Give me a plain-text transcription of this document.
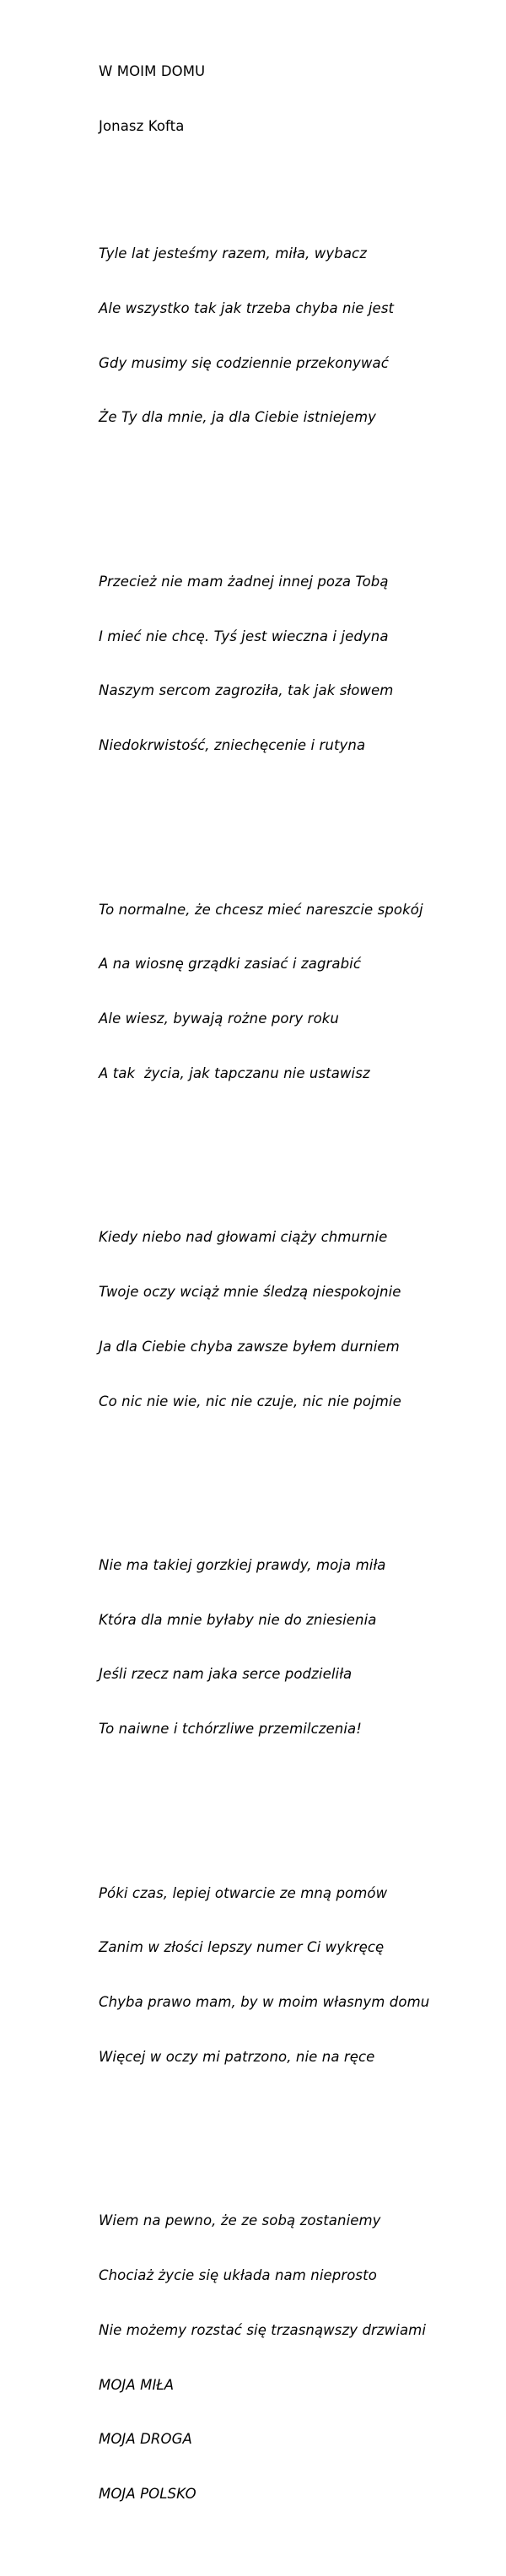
W MOIM DOMU

Jonasz Kofta

Tyle lat jesteśmy razem, miła, wybacz

Ale wszystko tak jak trzeba chyba nie jest

Gdy musimy się codziennie przekonywać

Że Ty dla mnie, ja dla Ciebie istniejemy

Przecież nie mam żadnej innej poza Tobą

I mieć nie chcę. Tyś jest wieczna i jedyna

Naszym sercom zagroziła, tak jak słowem

Niedokrwistość, zniechęcenie i rutyna

To normalne, że chcesz mieć nareszcie spokój

A na wiosnę grządki zasiać i zagrabić

Ale wiesz, bywają rożne pory roku

A tak  życia, jak tapczanu nie ustawisz

Kiedy niebo nad głowami ciąży chmurnie

Twoje oczy wciąż mnie śledzą niespokojnie

Ja dla Ciebie chyba zawsze byłem durniem

Co nic nie wie, nic nie czuje, nic nie pojmie

Nie ma takiej gorzkiej prawdy, moja miła

Która dla mnie byłaby nie do zniesienia

Jeśli rzecz nam jaka serce podzieliła

To naiwne i tchórzliwe przemilczenia!

Póki czas, lepiej otwarcie ze mną pomów

Zanim w złości lepszy numer Ci wykręcę

Chyba prawo mam, by w moim własnym domu

Więcej w oczy mi patrzono, nie na ręce

Wiem na pewno, że ze sobą zostaniemy

Chociaż życie się układa nam nieprosto

Nie możemy rozstać się trzasnąwszy drzwiami

MOJA MIŁA

MOJA DROGA

MOJA POLSKO
